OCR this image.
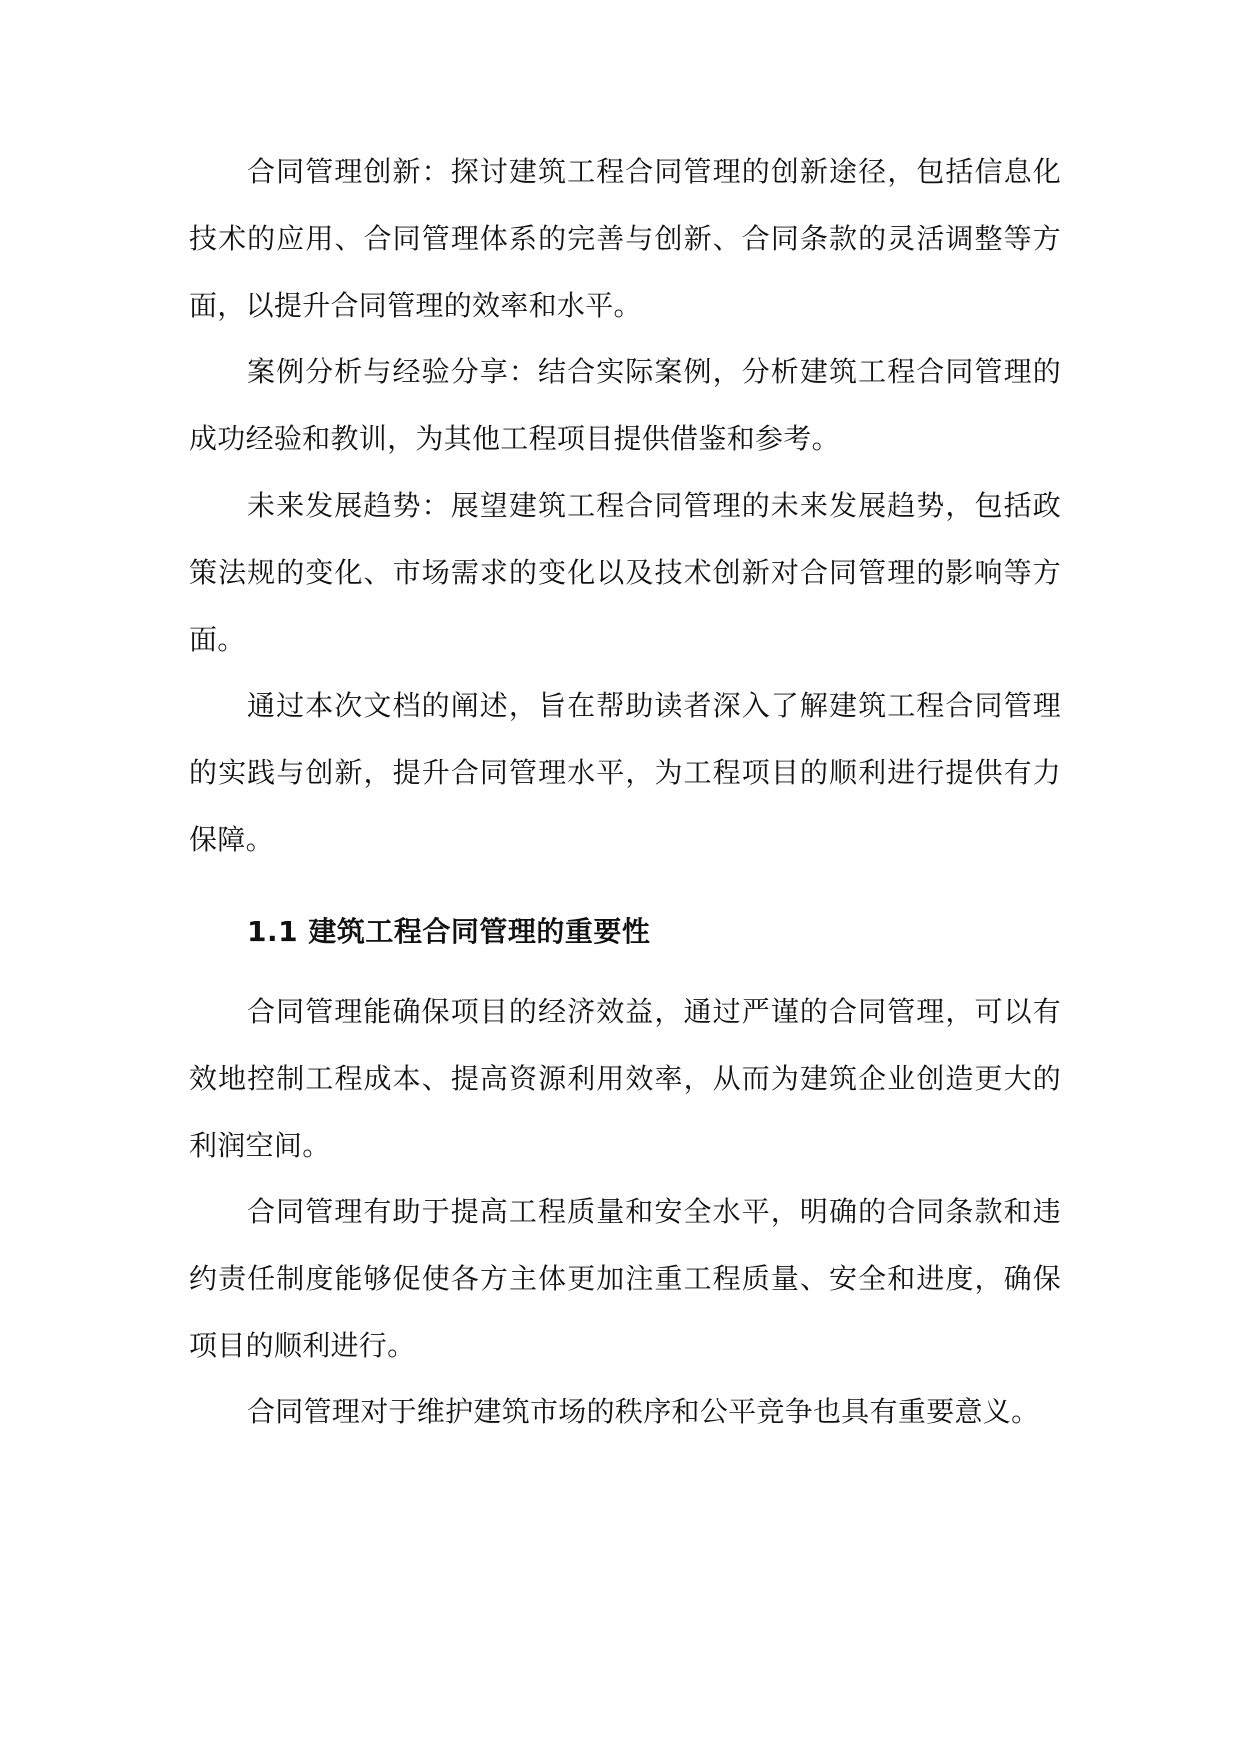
合同管理创新：探讨建筑工程合同管理的创新途径，包括信息化技术的应用、合同管理体系的完善与创新、合同条款的灵活调整等方面，以提升合同管理的效率和水平。

案例分析与经验分享：结合实际案例，分析建筑工程合同管理的成功经验和教训，为其他工程项目提供借鉴和参考。

未来发展趋势：展望建筑工程合同管理的未来发展趋势，包括政策法规的变化、市场需求的变化以及技术创新对合同管理的影响等方面。

通过本次文档的阐述，旨在帮助读者深入了解建筑工程合同管理的实践与创新，提升合同管理水平，为工程项目的顺利进行提供有力保障。

1.1 建筑工程合同管理的重要性

合同管理能确保项目的经济效益，通过严谨的合同管理，可以有效地控制工程成本、提高资源利用效率，从而为建筑企业创造更大的利润空间。

合同管理有助于提高工程质量和安全水平，明确的合同条款和违约责任制度能够促使各方主体更加注重工程质量、安全和进度，确保项目的顺利进行。

合同管理对于维护建筑市场的秩序和公平竞争也具有重要意义。
